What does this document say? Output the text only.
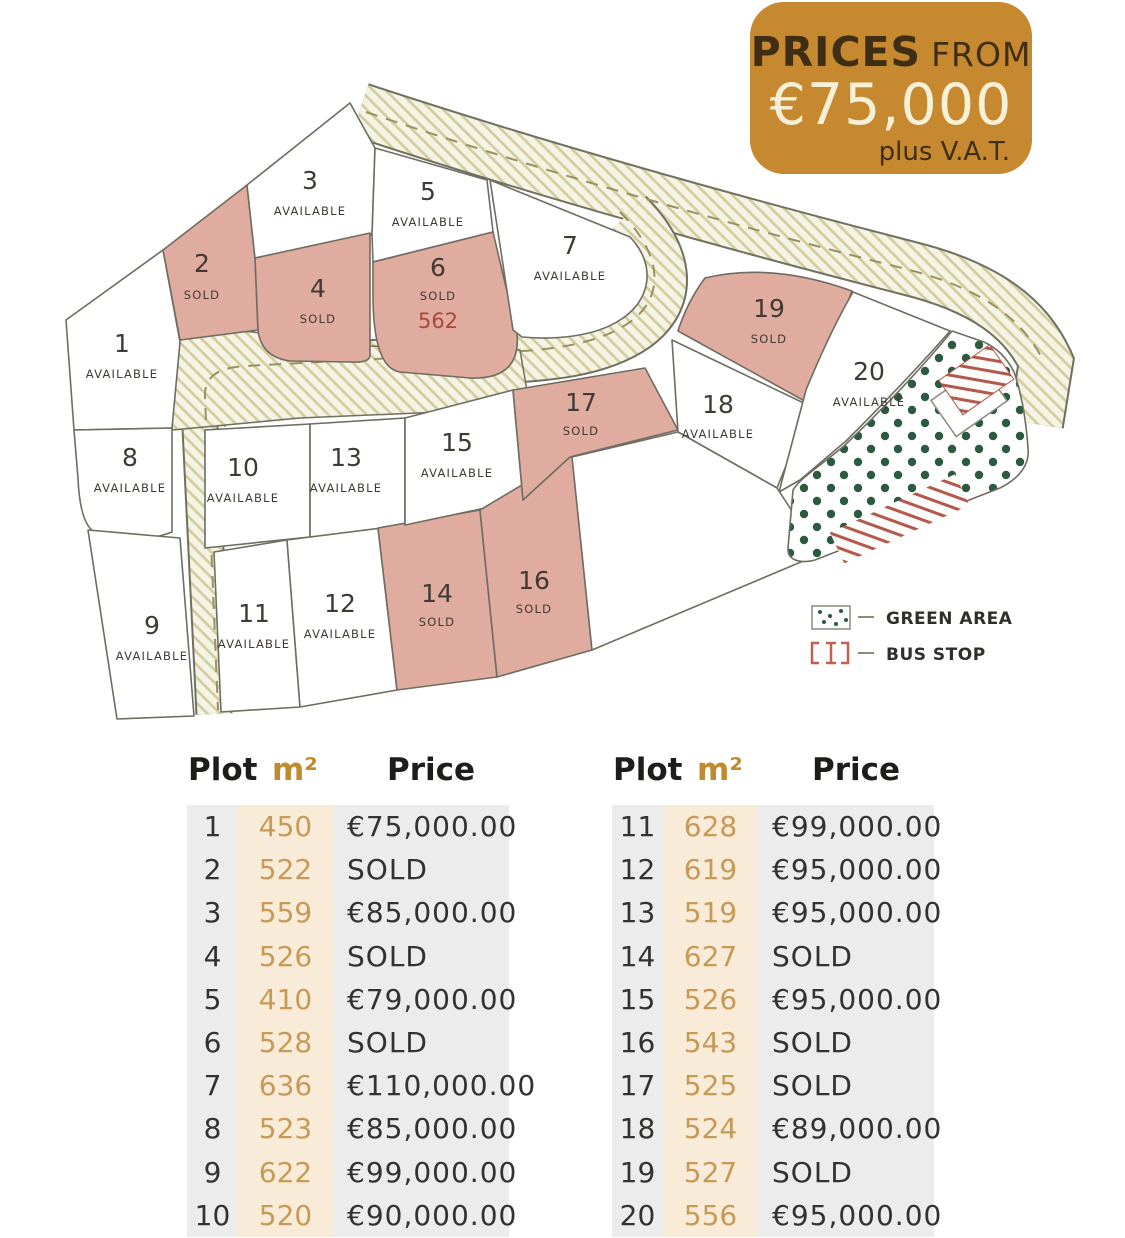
1
AVAILABLE
2
SOLD
3
AVAILABLE
4
SOLD
5
AVAILABLE
6
SOLD
562
7
AVAILABLE
8
AVAILABLE
9
AVAILABLE
10
AVAILABLE
11
AVAILABLE
12
AVAILABLE
13
AVAILABLE
14
SOLD
15
AVAILABLE
16
SOLD
17
SOLD
18
AVAILABLE
19
SOLD
20
AVAILABLE
GREEN AREA
BUS STOP
PRICES FROM
€75,000
plus V.A.T.
Plot m² Price
1	450	€75,000.00
2	522	SOLD
3	559	€85,000.00
4	526	SOLD
5	410	€79,000.00
6	528	SOLD
7	636	€110,000.00
8	523	€85,000.00
9	622	€99,000.00
10	520	€90,000.00
Plot m² Price
11	628	€99,000.00
12	619	€95,000.00
13	519	€95,000.00
14	627	SOLD
15	526	€95,000.00
16	543	SOLD
17	525	SOLD
18	524	€89,000.00
19	527	SOLD
20	556	€95,000.00
